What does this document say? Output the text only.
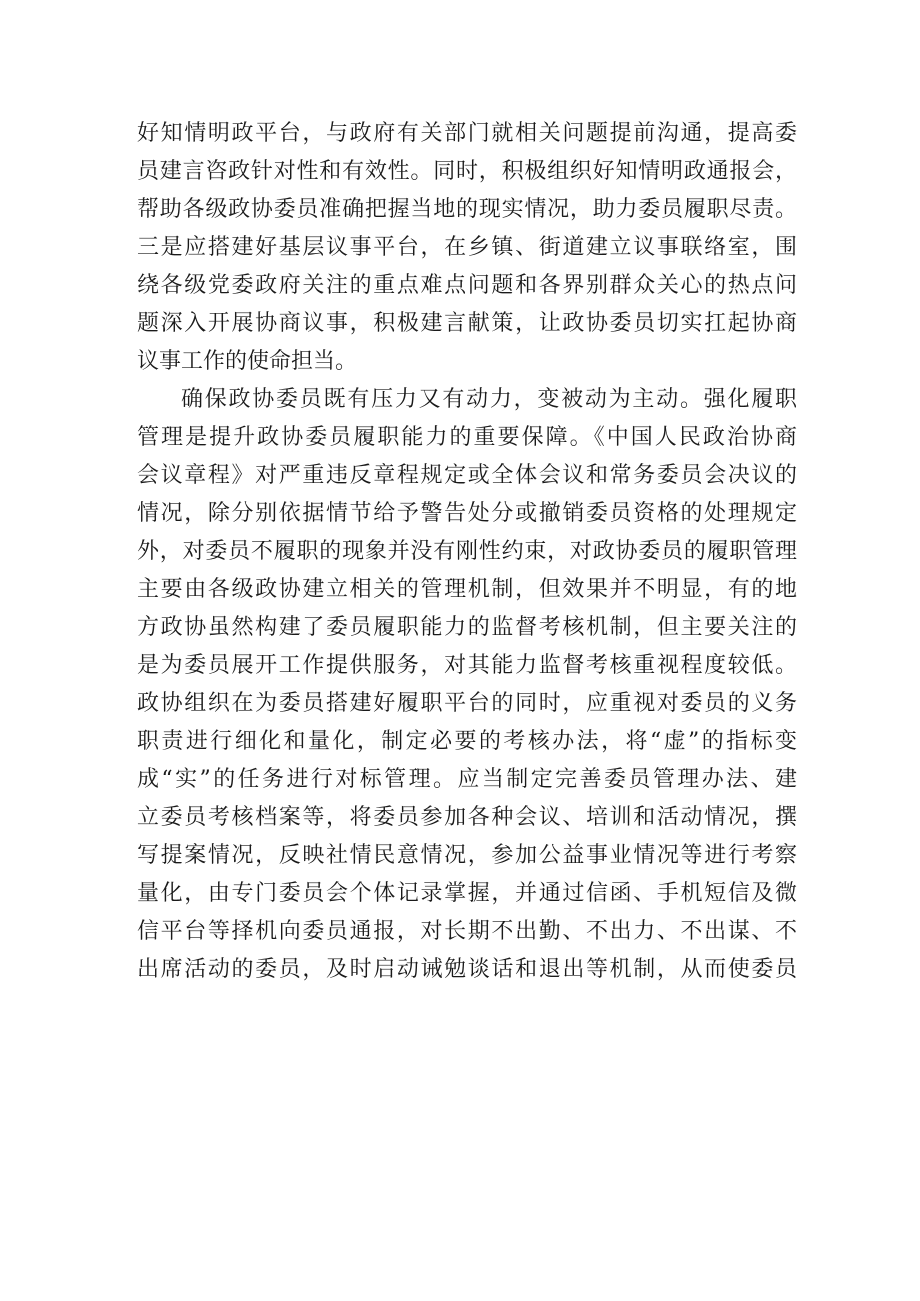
好知情明政平台，与政府有关部门就相关问题提前沟通，提高委
员建言咨政针对性和有效性。同时，积极组织好知情明政通报会，
帮助各级政协委员准确把握当地的现实情况，助力委员履职尽责。
三是应搭建好基层议事平台，在乡镇、街道建立议事联络室，围
绕各级党委政府关注的重点难点问题和各界别群众关心的热点问
题深入开展协商议事，积极建言献策，让政协委员切实扛起协商
议事工作的使命担当。
确保政协委员既有压力又有动力，变被动为主动。强化履职
管理是提升政协委员履职能力的重要保障。《中国人民政治协商
会议章程》对严重违反章程规定或全体会议和常务委员会决议的
情况，除分别依据情节给予警告处分或撤销委员资格的处理规定
外，对委员不履职的现象并没有刚性约束，对政协委员的履职管理
主要由各级政协建立相关的管理机制，但效果并不明显，有的地
方政协虽然构建了委员履职能力的监督考核机制，但主要关注的
是为委员展开工作提供服务，对其能力监督考核重视程度较低。
政协组织在为委员搭建好履职平台的同时，应重视对委员的义务
职责进行细化和量化，制定必要的考核办法，将“虚”的指标变
成“实”的任务进行对标管理。应当制定完善委员管理办法、建
立委员考核档案等，将委员参加各种会议、培训和活动情况，撰
写提案情况，反映社情民意情况，参加公益事业情况等进行考察
量化，由专门委员会个体记录掌握，并通过信函、手机短信及微
信平台等择机向委员通报，对长期不出勤、不出力、不出谋、不
出席活动的委员，及时启动诫勉谈话和退出等机制，从而使委员
